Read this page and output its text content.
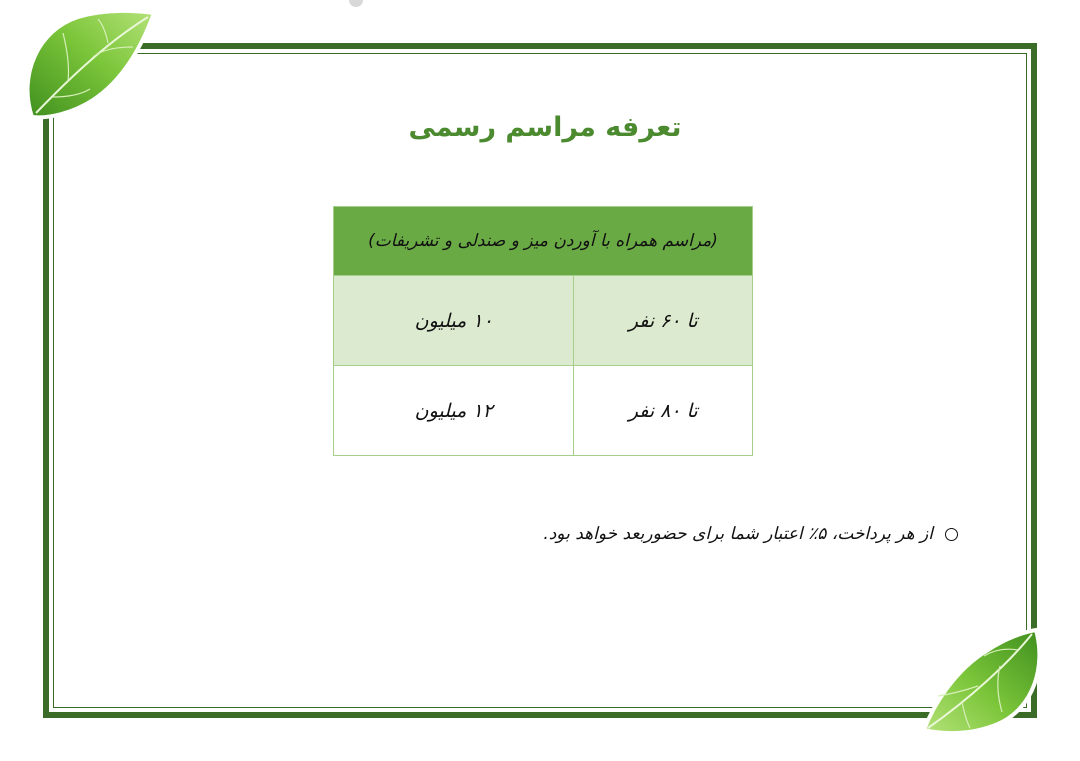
تعرفه مراسم رسمی
(مراسم همراه با آوردن میز و صندلی و تشریفات)	
تا ۶۰ نفر	۱۰ میلیون
تا ۸۰ نفر	۱۲ میلیون
از هر پرداخت، ۵٪ اعتبار شما برای حضوربعد خواهد بود.
